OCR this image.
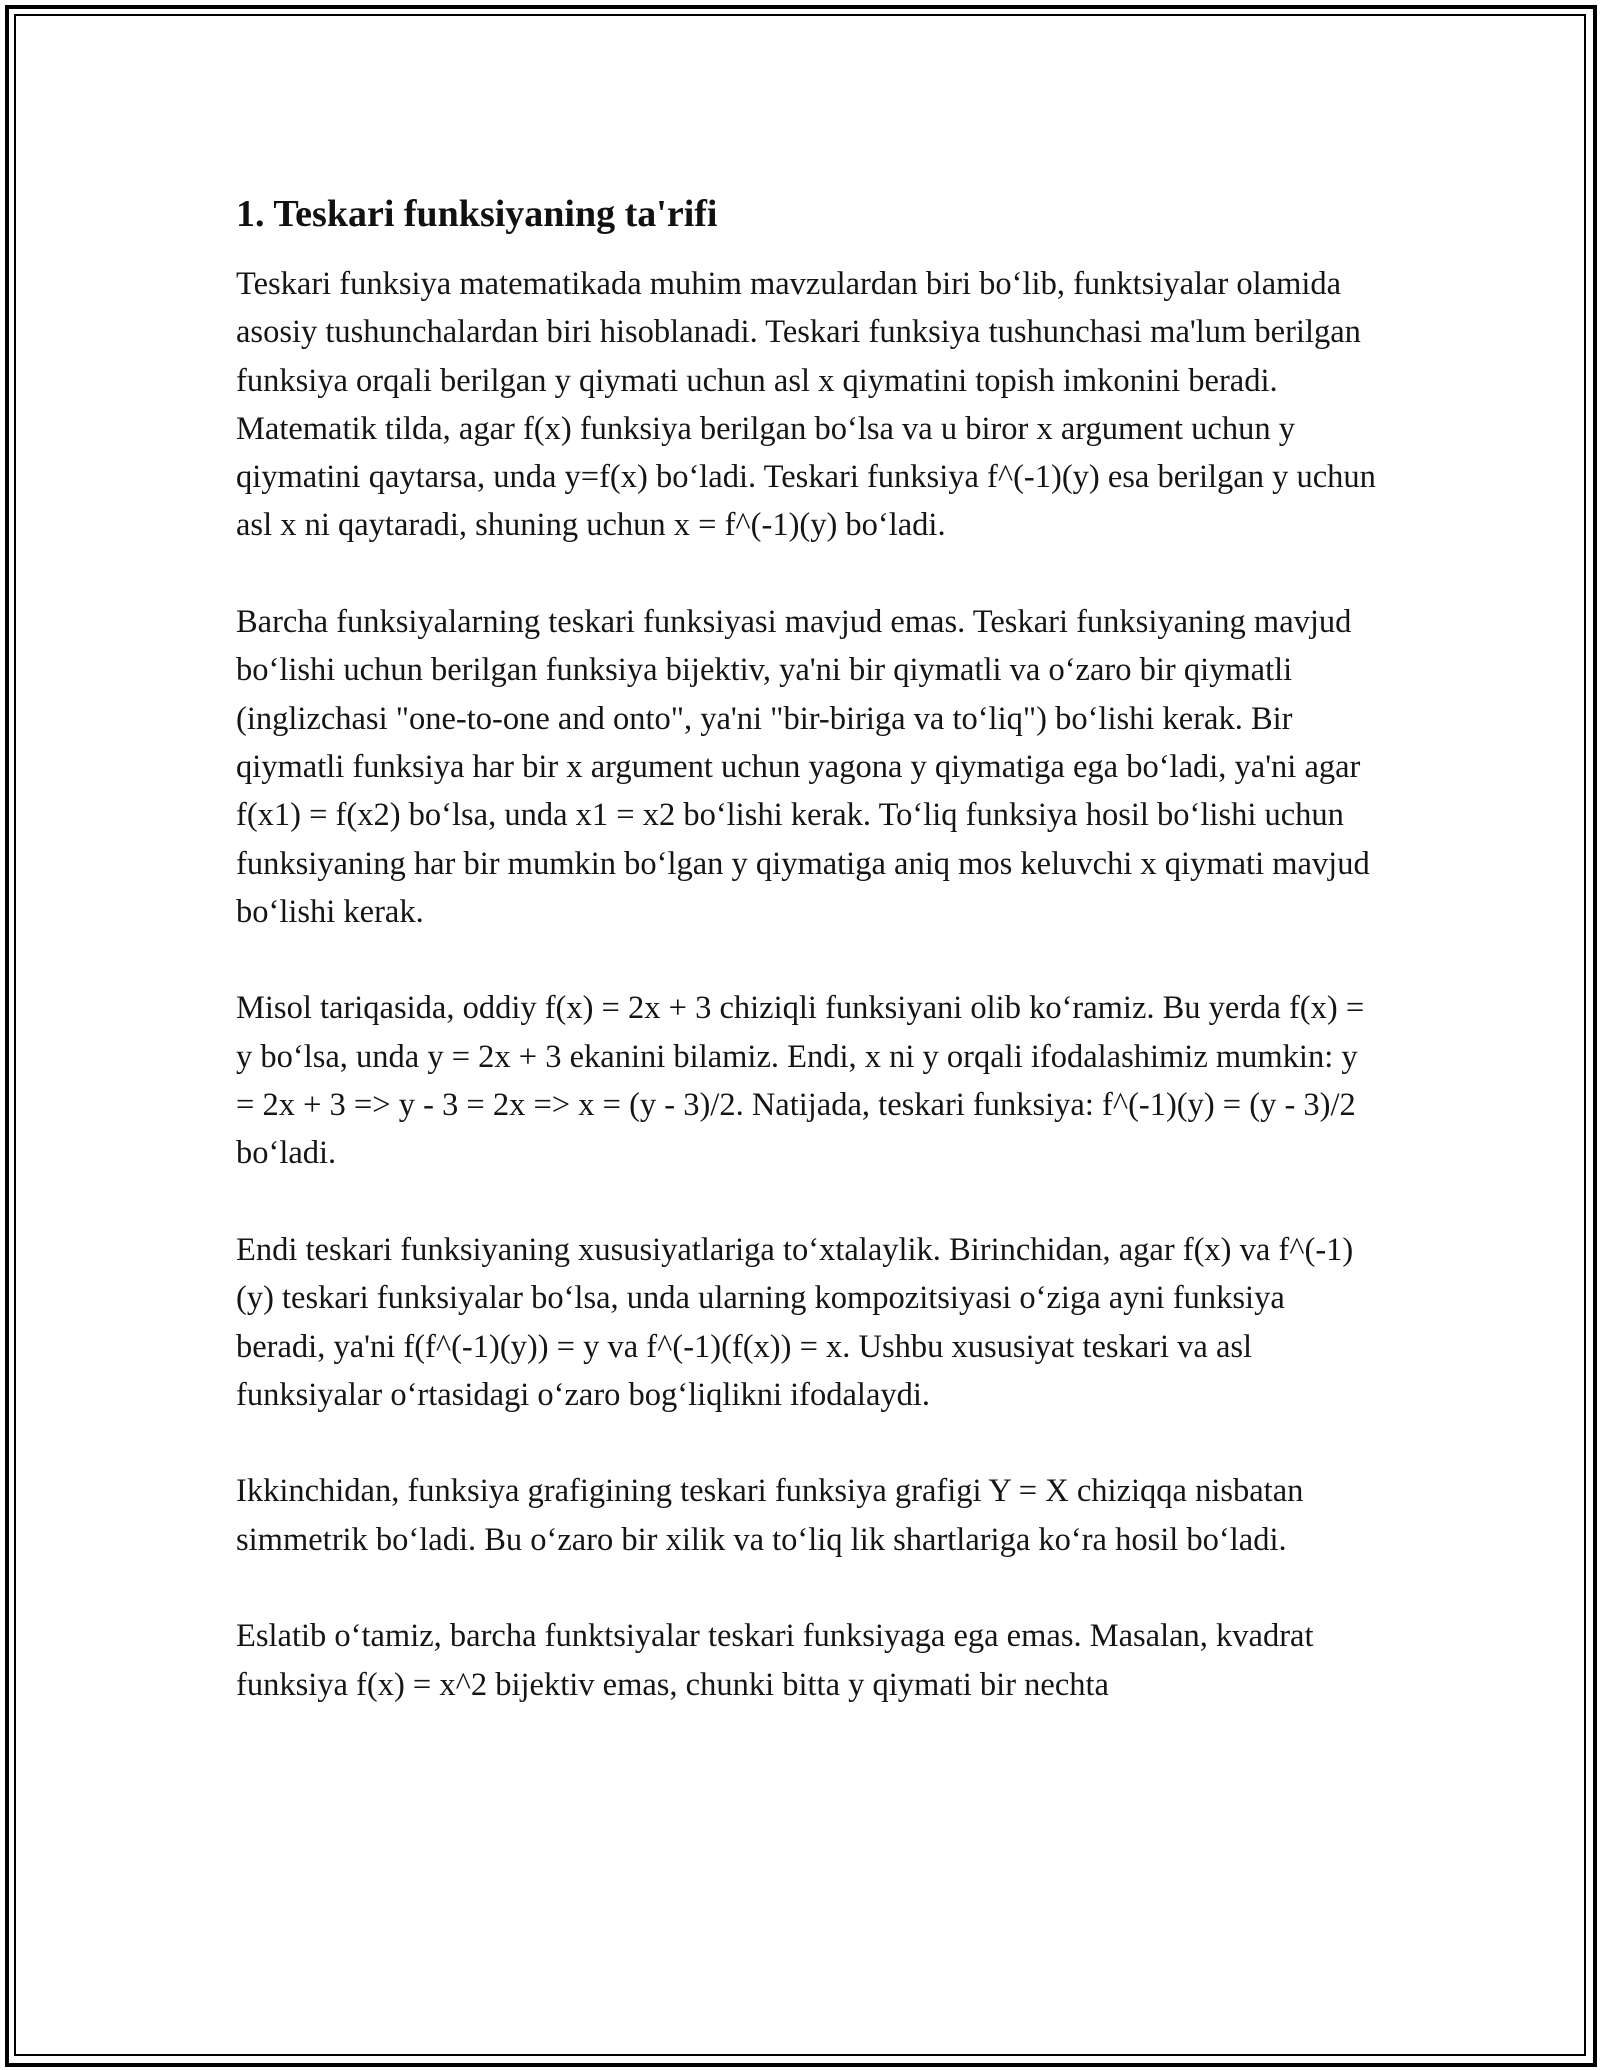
1. Teskari funksiyaning ta'rifi

Teskari funksiya matematikada muhim mavzulardan biri bo‘lib, funktsiyalar olamida asosiy tushunchalardan biri hisoblanadi. Teskari funksiya tushunchasi ma'lum berilgan funksiya orqali berilgan y qiymati uchun asl x qiymatini topish imkonini beradi. Matematik tilda, agar f(x) funksiya berilgan bo‘lsa va u biror x argument uchun y qiymatini qaytarsa, unda y=f(x) bo‘ladi. Teskari funksiya f^(-1)(y) esa berilgan y uchun asl x ni qaytaradi, shuning uchun x = f^(-1)(y) bo‘ladi.

Barcha funksiyalarning teskari funksiyasi mavjud emas. Teskari funksiyaning mavjud bo‘lishi uchun berilgan funksiya bijektiv, ya'ni bir qiymatli va o‘zaro bir qiymatli (inglizchasi "one-to-one and onto", ya'ni "bir-biriga va to‘liq") bo‘lishi kerak. Bir qiymatli funksiya har bir x argument uchun yagona y qiymatiga ega bo‘ladi, ya'ni agar f(x1) = f(x2) bo‘lsa, unda x1 = x2 bo‘lishi kerak. To‘liq funksiya hosil bo‘lishi uchun funksiyaning har bir mumkin bo‘lgan y qiymatiga aniq mos keluvchi x qiymati mavjud bo‘lishi kerak.

Misol tariqasida, oddiy f(x) = 2x + 3 chiziqli funksiyani olib ko‘ramiz. Bu yerda f(x) = y bo‘lsa, unda y = 2x + 3 ekanini bilamiz. Endi, x ni y orqali ifodalashimiz mumkin: y = 2x + 3 => y - 3 = 2x => x = (y - 3)/2. Natijada, teskari funksiya: f^(-1)(y) = (y - 3)/2 bo‘ladi.

Endi teskari funksiyaning xususiyatlariga to‘xtalaylik. Birinchidan, agar f(x) va f^(-1)(y) teskari funksiyalar bo‘lsa, unda ularning kompozitsiyasi o‘ziga ayni funksiya beradi, ya'ni f(f^(-1)(y)) = y va f^(-1)(f(x)) = x. Ushbu xususiyat teskari va asl funksiyalar o‘rtasidagi o‘zaro bog‘liqlikni ifodalaydi.

Ikkinchidan, funksiya grafigining teskari funksiya grafigi Y = X chiziqqa nisbatan simmetrik bo‘ladi. Bu o‘zaro bir xilik va to‘liq lik shartlariga ko‘ra hosil bo‘ladi.

Eslatib o‘tamiz, barcha funktsiyalar teskari funksiyaga ega emas. Masalan, kvadrat funksiya f(x) = x^2 bijektiv emas, chunki bitta y qiymati bir nechta
